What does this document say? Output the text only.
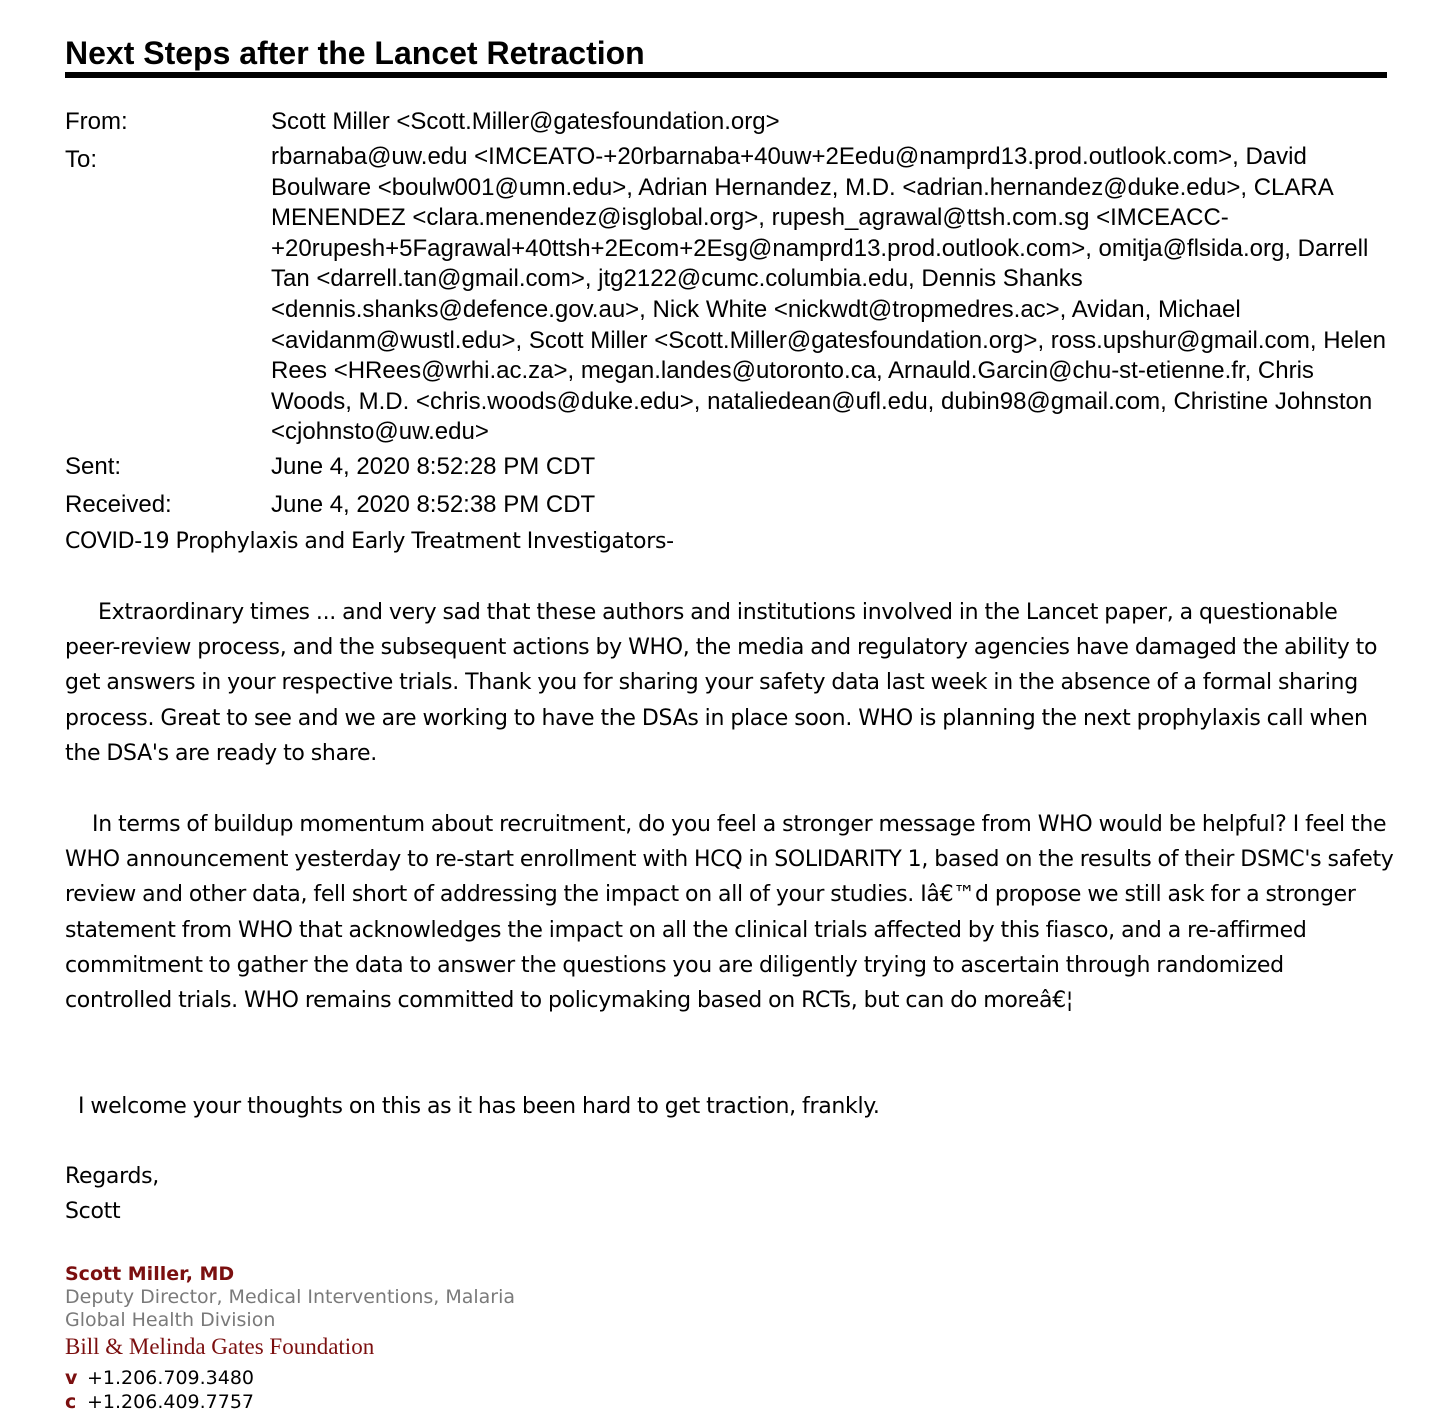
Next Steps after the Lancet Retraction
From:	Scott Miller <Scott.Miller@gatesfoundation.org>
To:	rbarnaba@uw.edu <IMCEATO-+20rbarnaba+40uw+2Eedu@namprd13.prod.outlook.com>, David Boulware <boulw001@umn.edu>, Adrian Hernandez, M.D. <adrian.hernandez@duke.edu>, CLARA MENENDEZ <clara.menendez@isglobal.org>, rupesh_agrawal@ttsh.com.sg <IMCEACC-+20rupesh+5Fagrawal+40ttsh+2Ecom+2Esg@namprd13.prod.outlook.com>, omitja@flsida.org, Darrell Tan <darrell.tan@gmail.com>, jtg2122@cumc.columbia.edu, Dennis Shanks <dennis.shanks@defence.gov.au>, Nick White <nickwdt@tropmedres.ac>, Avidan, Michael <avidanm@wustl.edu>, Scott Miller <Scott.Miller@gatesfoundation.org>, ross.upshur@gmail.com, Helen Rees <HRees@wrhi.ac.za>, megan.landes@utoronto.ca, Arnauld.Garcin@chu-st-etienne.fr, Chris Woods, M.D. <chris.woods@duke.edu>, nataliedean@ufl.edu, dubin98@gmail.com, Christine Johnston <cjohnsto@uw.edu>
Sent:	June 4, 2020 8:52:28 PM CDT
Received:	June 4, 2020 8:52:38 PM CDT
COVID-19 Prophylaxis and Early Treatment Investigators-
Extraordinary times ... and very sad that these authors and institutions involved in the Lancet paper, a questionable peer-review process, and the subsequent actions by WHO, the media and regulatory agencies have damaged the ability to get answers in your respective trials. Thank you for sharing your safety data last week in the absence of a formal sharing process. Great to see and we are working to have the DSAs in place soon. WHO is planning the next prophylaxis call when the DSA's are ready to share.
In terms of buildup momentum about recruitment, do you feel a stronger message from WHO would be helpful? I feel the WHO announcement yesterday to re-start enrollment with HCQ in SOLIDARITY 1, based on the results of their DSMC's safety review and other data, fell short of addressing the impact on all of your studies. Iâ€™d propose we still ask for a stronger statement from WHO that acknowledges the impact on all the clinical trials affected by this fiasco, and a re-affirmed commitment to gather the data to answer the questions you are diligently trying to ascertain through randomized controlled trials. WHO remains committed to policymaking based on RCTs, but can do moreâ€¦
I welcome your thoughts on this as it has been hard to get traction, frankly.
Regards,
Scott
Scott Miller, MD
Deputy Director, Medical Interventions, Malaria
Global Health Division
Bill & Melinda Gates Foundation
v +1.206.709.3480
c +1.206.409.7757
